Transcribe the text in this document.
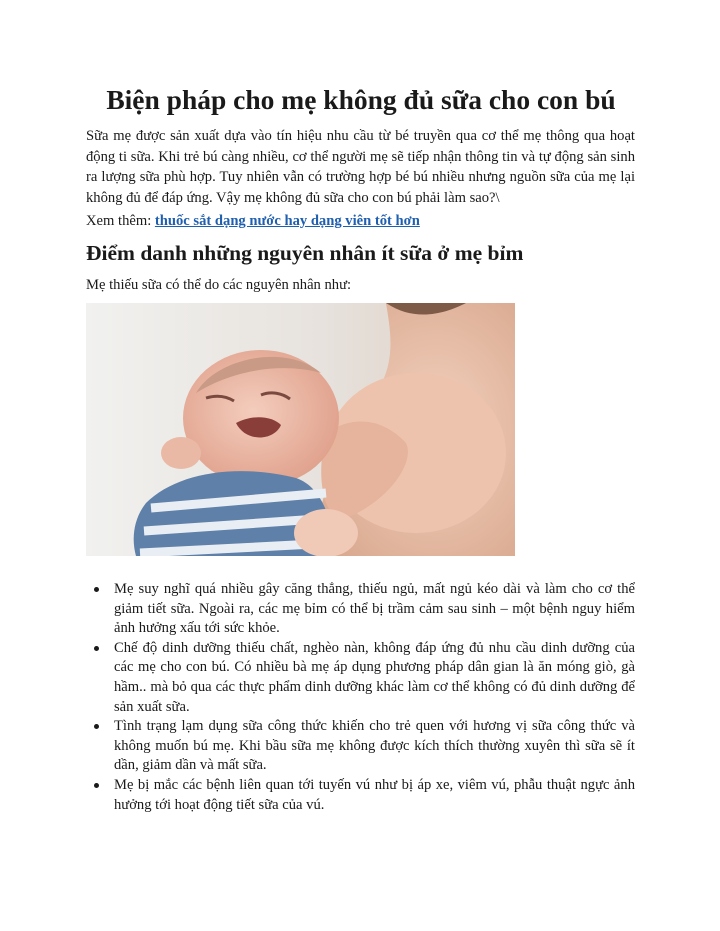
Biện pháp cho mẹ không đủ sữa cho con bú

Sữa mẹ được sản xuất dựa vào tín hiệu nhu cầu từ bé truyền qua cơ thể mẹ thông qua hoạt động ti sữa. Khi trẻ bú càng nhiều, cơ thể người mẹ sẽ tiếp nhận thông tin và tự động sản sinh ra lượng sữa phù hợp. Tuy nhiên vẫn có trường hợp bé bú nhiều nhưng nguồn sữa của mẹ lại không đủ để đáp ứng. Vậy mẹ không đủ sữa cho con bú phải làm sao?\

Xem thêm: thuốc sắt dạng nước hay dạng viên tốt hơn

Điểm danh những nguyên nhân ít sữa ở mẹ bỉm

Mẹ thiếu sữa có thể do các nguyên nhân như:

Mẹ suy nghĩ quá nhiều gây căng thẳng, thiếu ngủ, mất ngủ kéo dài và làm cho cơ thể giảm tiết sữa. Ngoài ra, các mẹ bỉm có thể bị trầm cảm sau sinh – một bệnh nguy hiểm ảnh hưởng xấu tới sức khỏe.
Chế độ dinh dưỡng thiếu chất, nghèo nàn, không đáp ứng đủ nhu cầu dinh dưỡng của các mẹ cho con bú. Có nhiều bà mẹ áp dụng phương pháp dân gian là ăn móng giò, gà hầm.. mà bỏ qua các thực phẩm dinh dưỡng khác làm cơ thể không có đủ dinh dưỡng để sản xuất sữa.
Tình trạng lạm dụng sữa công thức khiến cho trẻ quen với hương vị sữa công thức và không muốn bú mẹ. Khi bầu sữa mẹ không được kích thích thường xuyên thì sữa sẽ ít dần, giảm dần và mất sữa.
Mẹ bị mắc các bệnh liên quan tới tuyến vú như bị áp xe, viêm vú, phẫu thuật ngực ảnh hưởng tới hoạt động tiết sữa của vú.
